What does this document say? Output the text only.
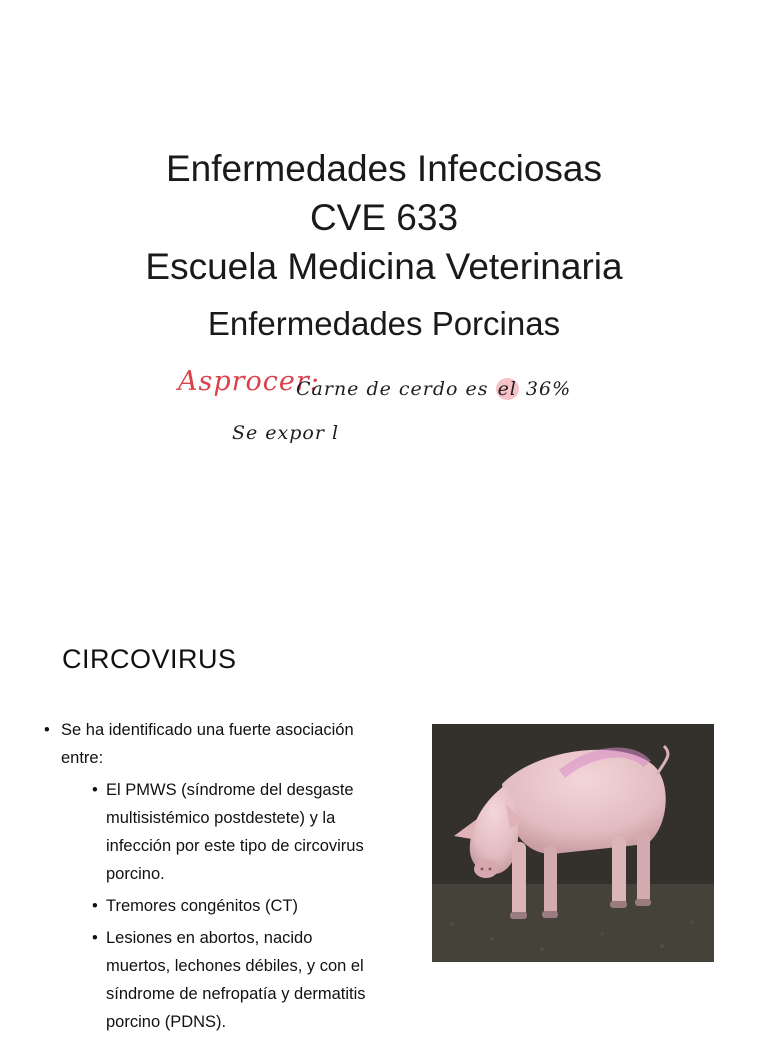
Enfermedades Infecciosas
CVE 633
Escuela Medicina Veterinaria
Enfermedades Porcinas
Asprocer:
Carne de cerdo es el 36%
Se expor l
CIRCOVIRUS
• Se ha identificado una fuerte asociación entre:
• El PMWS (síndrome del desgaste multisistémico postdestete) y la infección por este tipo de circovirus porcino.
• Tremores congénitos (CT)
• Lesiones en abortos, nacido muertos, lechones débiles, y con el síndrome de nefropatía y dermatitis porcino (PDNS).
